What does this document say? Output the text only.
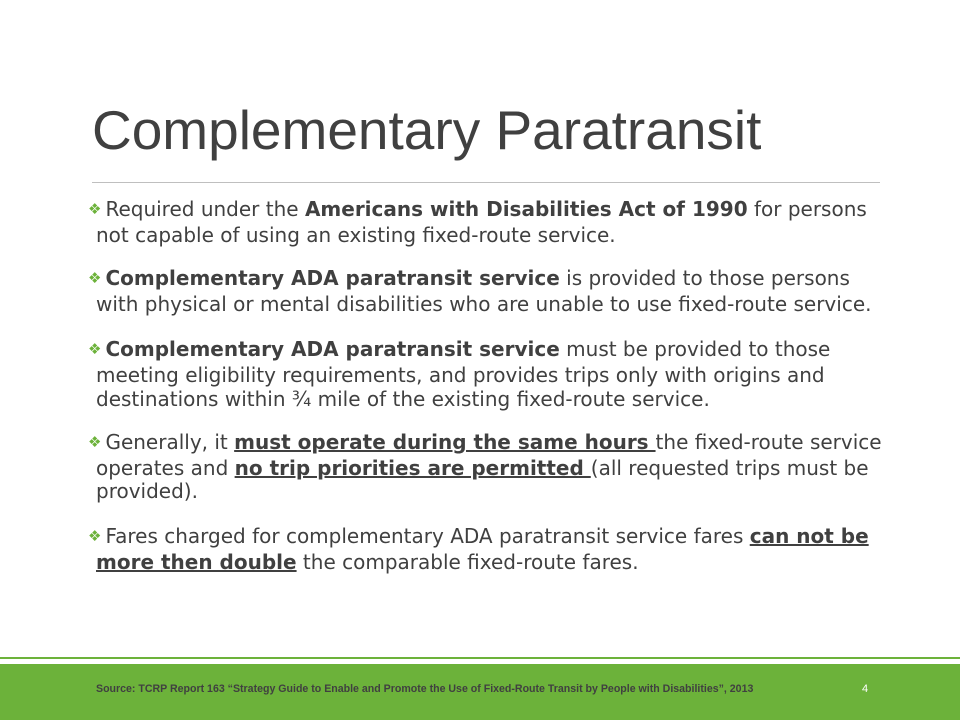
Complementary Paratransit
❖ Required under the Americans with Disabilities Act of 1990 for persons not capable of using an existing fixed-route service.
❖ Complementary ADA paratransit service is provided to those persons with physical or mental disabilities who are unable to use fixed-route service.
❖ Complementary ADA paratransit service must be provided to those meeting eligibility requirements, and provides trips only with origins and destinations within ¾ mile of the existing fixed-route service.
❖ Generally, it must operate during the same hours the fixed-route service operates and no trip priorities are permitted (all requested trips must be provided).
❖ Fares charged for complementary ADA paratransit service fares can not be more then double the comparable fixed-route fares.
Source: TCRP Report 163 “Strategy Guide to Enable and Promote the Use of Fixed-Route Transit by People with Disabilities”, 2013	4
